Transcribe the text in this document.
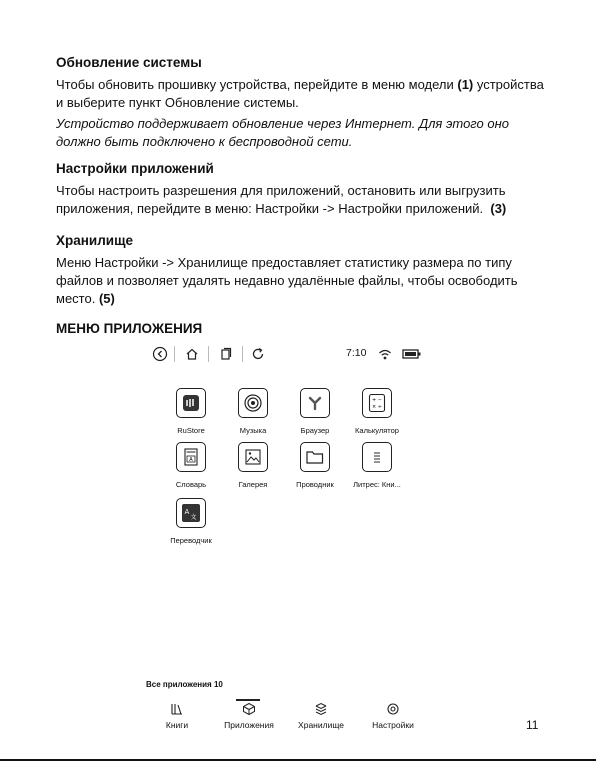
Обновление системы

Чтобы обновить прошивку устройства, перейдите в меню модели (1) устройства и выберите пункт Обновление системы.

Устройство поддерживает обновление через Интернет. Для этого оно должно быть подключено к беспроводной сети.

Настройки приложений

Чтобы настроить разрешения для приложений, остановить или выгрузить приложения, перейдите в меню: Настройки -> Настройки приложений. (3)

Хранилище

Меню Настройки -> Хранилище предоставляет статистику размера по типу файлов и позволяет удалять недавно удалённые файлы, чтобы освободить место. (5)

МЕНЮ ПРИЛОЖЕНИЯ
7:10
RuStore	Музыка	Браузер
+ −
× ÷
Калькулятор
A
Словарь	Галерея	Проводник	Литрес: Кни...
A
文
Переводчик
Все приложения 10
Книги	Приложения	Хранилище	Настройки	11
